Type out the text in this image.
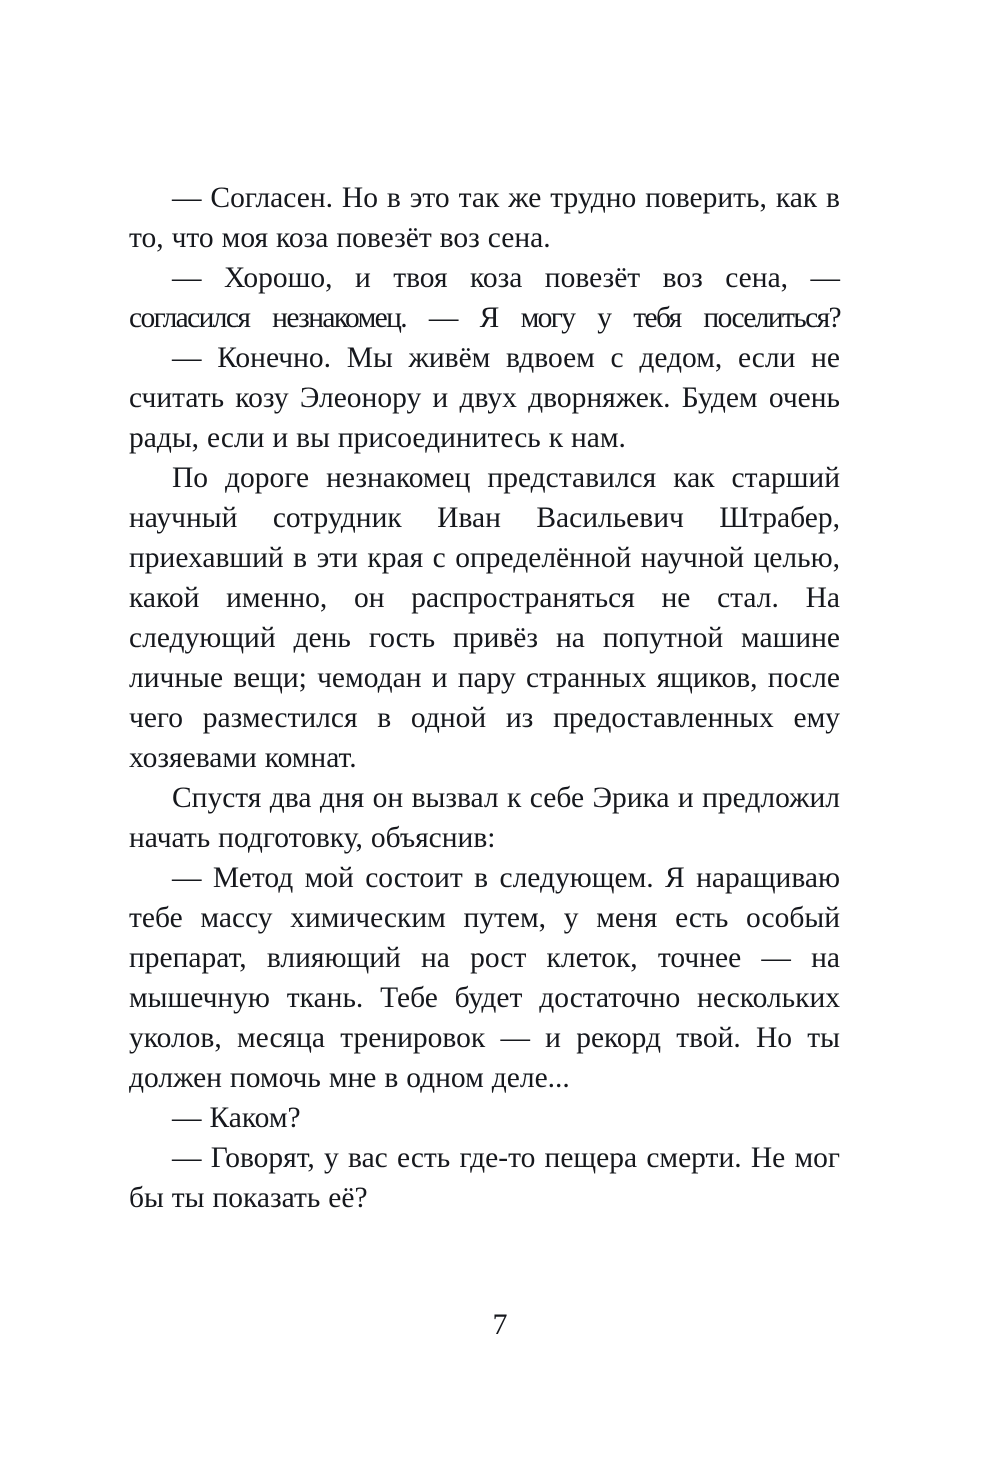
— Согласен. Но в это так же трудно поверить, как в то, что моя коза повезёт воз сена.

— Хорошо, и твоя коза повезёт воз сена, — согласился незнакомец. — Я могу у тебя поселиться?

— Конечно. Мы живём вдвоем с дедом, если не считать козу Элеонору и двух дворняжек. Будем очень рады, если и вы присоединитесь к нам.

По дороге незнакомец представился как старший научный сотрудник Иван Васильевич Штрабер, приехавший в эти края с определённой научной целью, какой именно, он распространяться не стал. На следующий день гость привёз на попутной машине личные вещи; чемодан и пару странных ящиков, после чего разместился в одной из предоставленных ему хозяевами комнат.

Спустя два дня он вызвал к себе Эрика и предложил начать подготовку, объяснив:

— Метод мой состоит в следующем. Я наращиваю тебе массу химическим путем, у меня есть особый препарат, влияющий на рост клеток, точнее — на мышечную ткань. Тебе будет достаточно нескольких уколов, месяца тренировок — и рекорд твой. Но ты должен помочь мне в одном деле...

— Каком?

— Говорят, у вас есть где-то пещера смерти. Не мог бы ты показать её?

7
